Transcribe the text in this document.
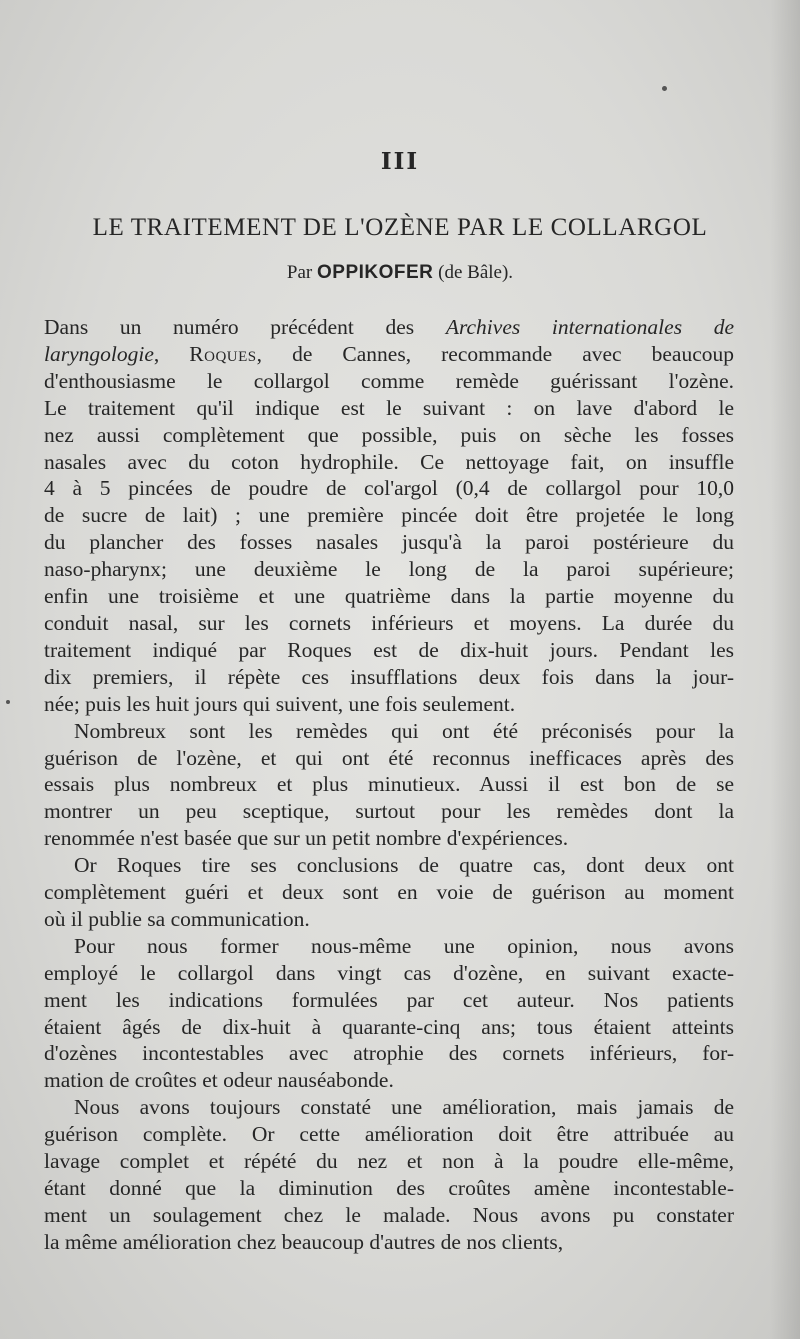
III
LE TRAITEMENT DE L'OZÈNE PAR LE COLLARGOL

Par OPPIKOFER (de Bâle).

Dans un numéro précédent des Archives internationales de
laryngologie, Roques, de Cannes, recommande avec beaucoup
d'enthousiasme le collargol comme remède guérissant l'ozène.
Le traitement qu'il indique est le suivant : on lave d'abord le
nez aussi complètement que possible, puis on sèche les fosses
nasales avec du coton hydrophile. Ce nettoyage fait, on insuffle
4 à 5 pincées de poudre de col'argol (0,4 de collargol pour 10,0
de sucre de lait) ; une première pincée doit être projetée le long
du plancher des fosses nasales jusqu'à la paroi postérieure du
naso-pharynx; une deuxième le long de la paroi supérieure;
enfin une troisième et une quatrième dans la partie moyenne du
conduit nasal, sur les cornets inférieurs et moyens. La durée du
traitement indiqué par Roques est de dix-huit jours. Pendant les
dix premiers, il répète ces insufflations deux fois dans la jour-
née; puis les huit jours qui suivent, une fois seulement.
Nombreux sont les remèdes qui ont été préconisés pour la
guérison de l'ozène, et qui ont été reconnus inefficaces après des
essais plus nombreux et plus minutieux. Aussi il est bon de se
montrer un peu sceptique, surtout pour les remèdes dont la
renommée n'est basée que sur un petit nombre d'expériences.
Or Roques tire ses conclusions de quatre cas, dont deux ont
complètement guéri et deux sont en voie de guérison au moment
où il publie sa communication.
Pour nous former nous-même une opinion, nous avons
employé le collargol dans vingt cas d'ozène, en suivant exacte-
ment les indications formulées par cet auteur. Nos patients
étaient âgés de dix-huit à quarante-cinq ans; tous étaient atteints
d'ozènes incontestables avec atrophie des cornets inférieurs, for-
mation de croûtes et odeur nauséabonde.
Nous avons toujours constaté une amélioration, mais jamais de
guérison complète. Or cette amélioration doit être attribuée au
lavage complet et répété du nez et non à la poudre elle-même,
étant donné que la diminution des croûtes amène incontestable-
ment un soulagement chez le malade. Nous avons pu constater
la même amélioration chez beaucoup d'autres de nos clients,
